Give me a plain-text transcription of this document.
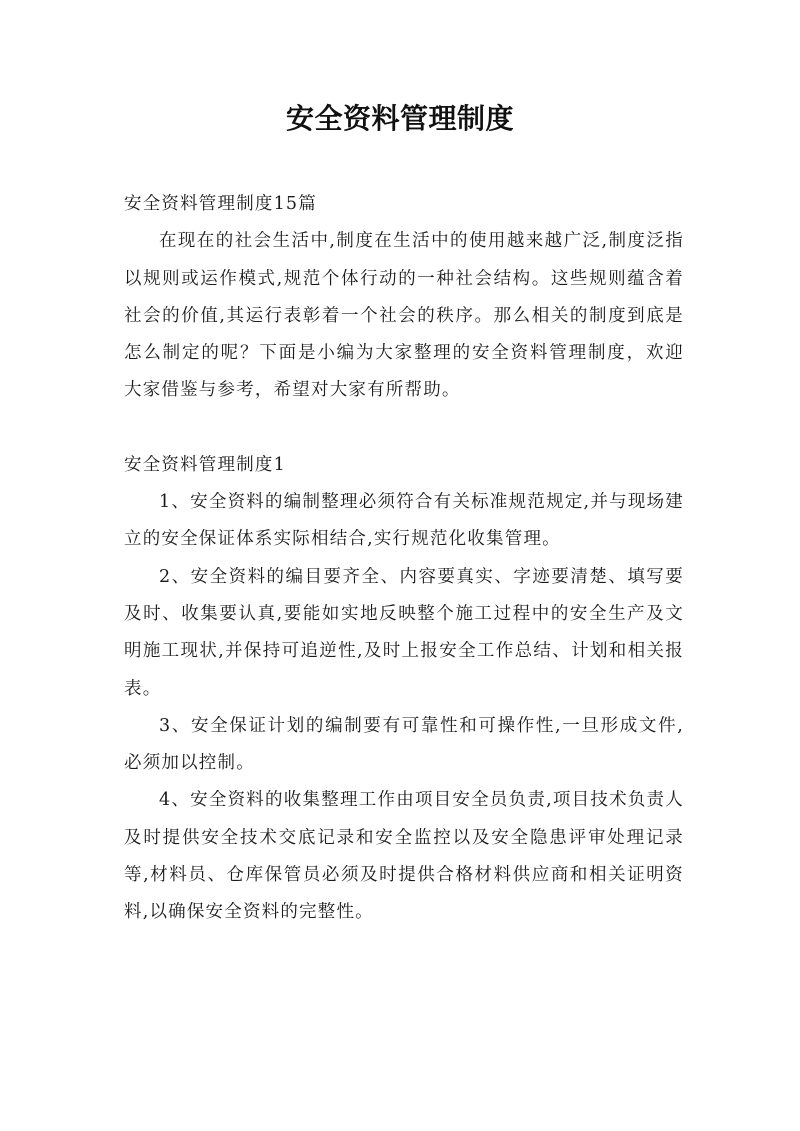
安全资料管理制度

安全资料管理制度15篇

在现在的社会生活中,制度在生活中的使用越来越广泛,制度泛指以规则或运作模式,规范个体行动的一种社会结构。这些规则蕴含着社会的价值,其运行表彰着一个社会的秩序。那么相关的制度到底是怎么制定的呢？下面是小编为大家整理的安全资料管理制度，欢迎大家借鉴与参考，希望对大家有所帮助。

安全资料管理制度1

1、安全资料的编制整理必须符合有关标准规范规定,并与现场建立的安全保证体系实际相结合,实行规范化收集管理。

2、安全资料的编目要齐全、内容要真实、字迹要清楚、填写要及时、收集要认真,要能如实地反映整个施工过程中的安全生产及文明施工现状,并保持可追逆性,及时上报安全工作总结、计划和相关报表。

3、安全保证计划的编制要有可靠性和可操作性,一旦形成文件,必须加以控制。

4、安全资料的收集整理工作由项目安全员负责,项目技术负责人及时提供安全技术交底记录和安全监控以及安全隐患评审处理记录等,材料员、仓库保管员必须及时提供合格材料供应商和相关证明资料,以确保安全资料的完整性。
